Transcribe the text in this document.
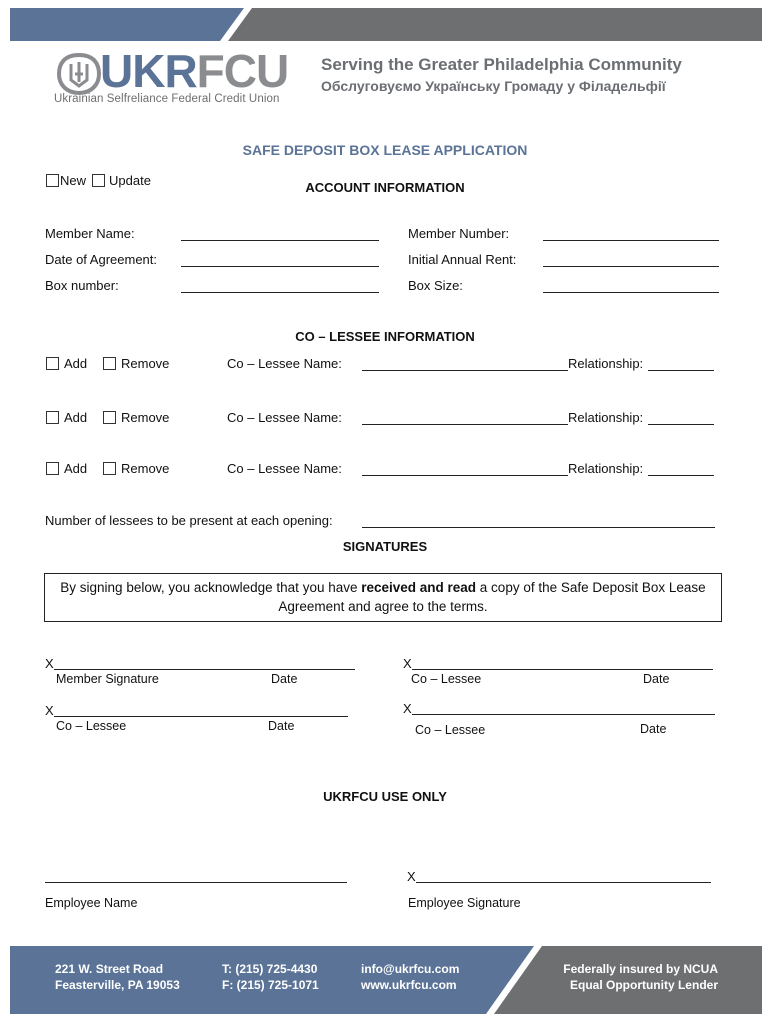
UKRFCU
Ukrainian Selfreliance Federal Credit Union
Serving the Greater Philadelphia Community
Обслуговуємо Українську Громаду у Філадельфії
SAFE DEPOSIT BOX LEASE APPLICATION
New Update	ACCOUNT INFORMATION
Member Name:
Date of Agreement:
Box number:
Member Number:
Initial Annual Rent:
Box Size:
CO – LESSEE INFORMATION
Add	Remove	Co – Lessee Name:	Relationship:
Add	Remove	Co – Lessee Name:	Relationship:
Add	Remove	Co – Lessee Name:	Relationship:
Number of lessees to be present at each opening:
SIGNATURES
By signing below, you acknowledge that you have received and read a copy of the Safe Deposit Box Lease
Agreement and agree to the terms.
X
Member Signature	Date
X
Co – Lessee	Date
X
Co – Lessee	Date
X
Co – Lessee	Date
UKRFCU USE ONLY
Employee Name
X
Employee Signature
221 W. Street Road
Feasterville, PA 19053
T: (215) 725-4430
F: (215) 725-1071
info@ukrfcu.com
www.ukrfcu.com
Federally insured by NCUA
Equal Opportunity Lender
